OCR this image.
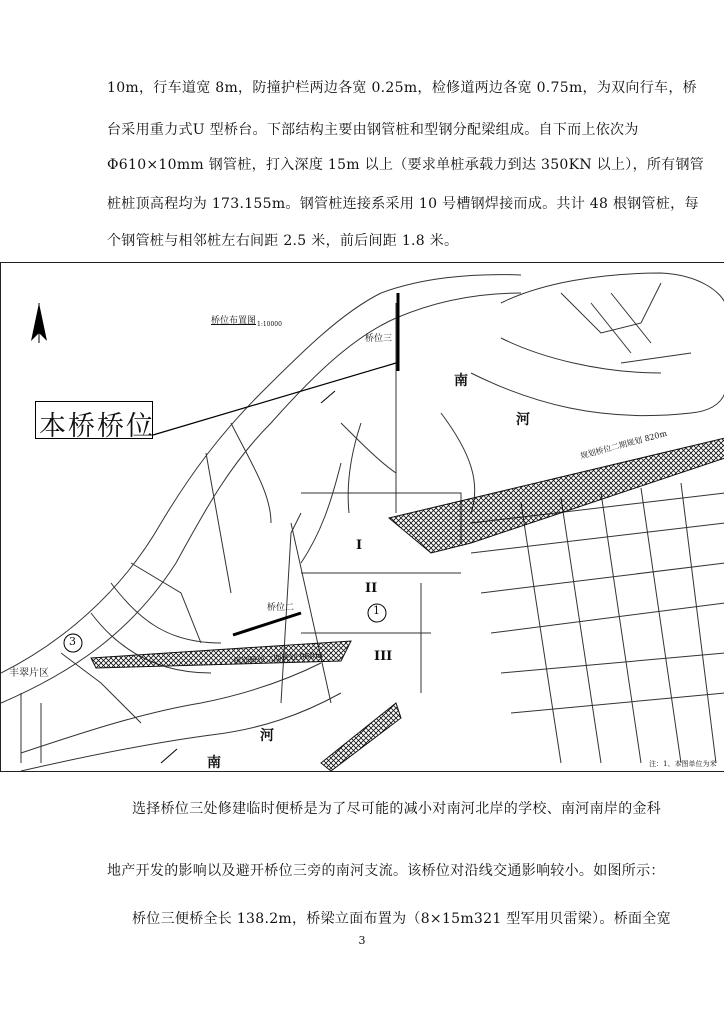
10m，行车道宽 8m，防撞护栏两边各宽 0.25m，检修道两边各宽 0.75m，为双向行车，桥
台采用重力式U 型桥台。下部结构主要由钢管桩和型钢分配梁组成。自下而上依次为
Φ610×10mm 钢管桩，打入深度 15m 以上（要求单桩承载力到达 350KN 以上），所有钢管
桩桩顶高程均为 173.155m。钢管桩连接系采用 10 号槽钢焊接而成。共计 48 根钢管桩，每
个钢管桩与相邻桩左右间距 2.5 米，前后间距 1.8 米。
本桥桥位
桥位布置图 1:10000
桥位三
桥位二
南
河
河
南
I
II
III
1
3
丰翠片区
规划桥位二期规划 820m
规划桥位二期规划 960m
注：1、本图单位为米
选择桥位三处修建临时便桥是为了尽可能的减小对南河北岸的学校、南河南岸的金科
地产开发的影响以及避开桥位三旁的南河支流。该桥位对沿线交通影响较小。如图所示：
桥位三便桥全长 138.2m，桥梁立面布置为（8×15m321 型军用贝雷梁）。桥面全宽
3
